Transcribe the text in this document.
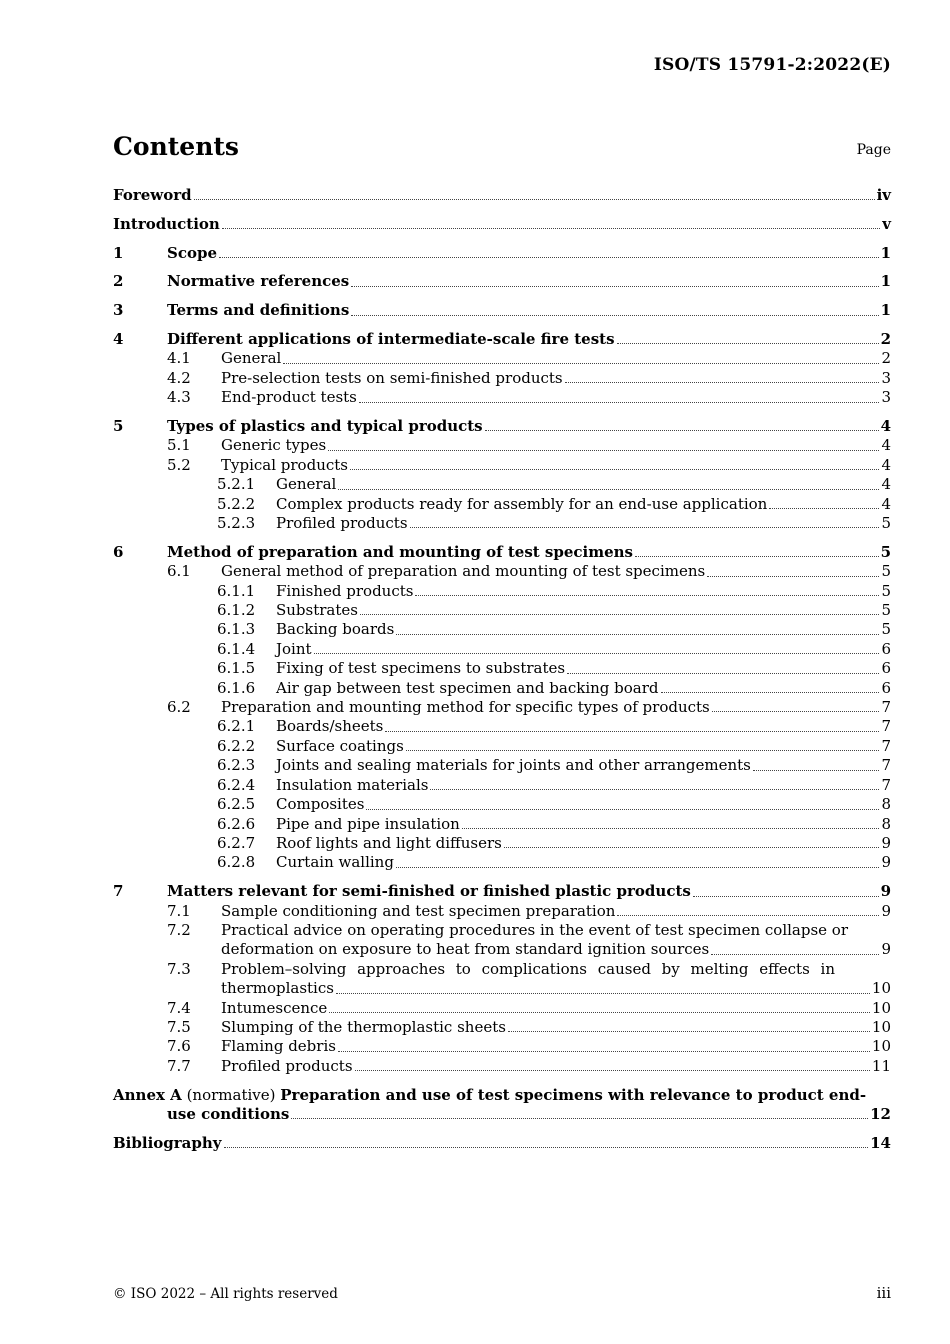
ISO/TS 15791-2:2022(E)
Contents	Page
Foreword	iv
Introduction	v
1	Scope	1
2	Normative references	1
3	Terms and definitions	1
4	Different applications of intermediate-scale fire tests	2
4.1	General	2
4.2	Pre-selection tests on semi-finished products	3
4.3	End-product tests	3
5	Types of plastics and typical products	4
5.1	Generic types	4
5.2	Typical products	4
5.2.1	General	4
5.2.2	Complex products ready for assembly for an end-use application	4
5.2.3	Profiled products	5
6	Method of preparation and mounting of test specimens	5
6.1	General method of preparation and mounting of test specimens	5
6.1.1	Finished products	5
6.1.2	Substrates	5
6.1.3	Backing boards	5
6.1.4	Joint	6
6.1.5	Fixing of test specimens to substrates	6
6.1.6	Air gap between test specimen and backing board	6
6.2	Preparation and mounting method for specific types of products	7
6.2.1	Boards/sheets	7
6.2.2	Surface coatings	7
6.2.3	Joints and sealing materials for joints and other arrangements	7
6.2.4	Insulation materials	7
6.2.5	Composites	8
6.2.6	Pipe and pipe insulation	8
6.2.7	Roof lights and light diffusers	9
6.2.8	Curtain walling	9
7	Matters relevant for semi-finished or finished plastic products	9
7.1	Sample conditioning and test specimen preparation	9
7.2	Practical advice on operating procedures in the event of test specimen collapse or
deformation on exposure to heat from standard ignition sources	9
7.3	Problem–solving approaches to complications caused by melting effects in
thermoplastics	10
7.4	Intumescence	10
7.5	Slumping of the thermoplastic sheets	10
7.6	Flaming debris	10
7.7	Profiled products	11
Annex A (normative) Preparation and use of test specimens with relevance to product end-
use conditions	12
Bibliography	14
© ISO 2022 – All rights reserved	iii
